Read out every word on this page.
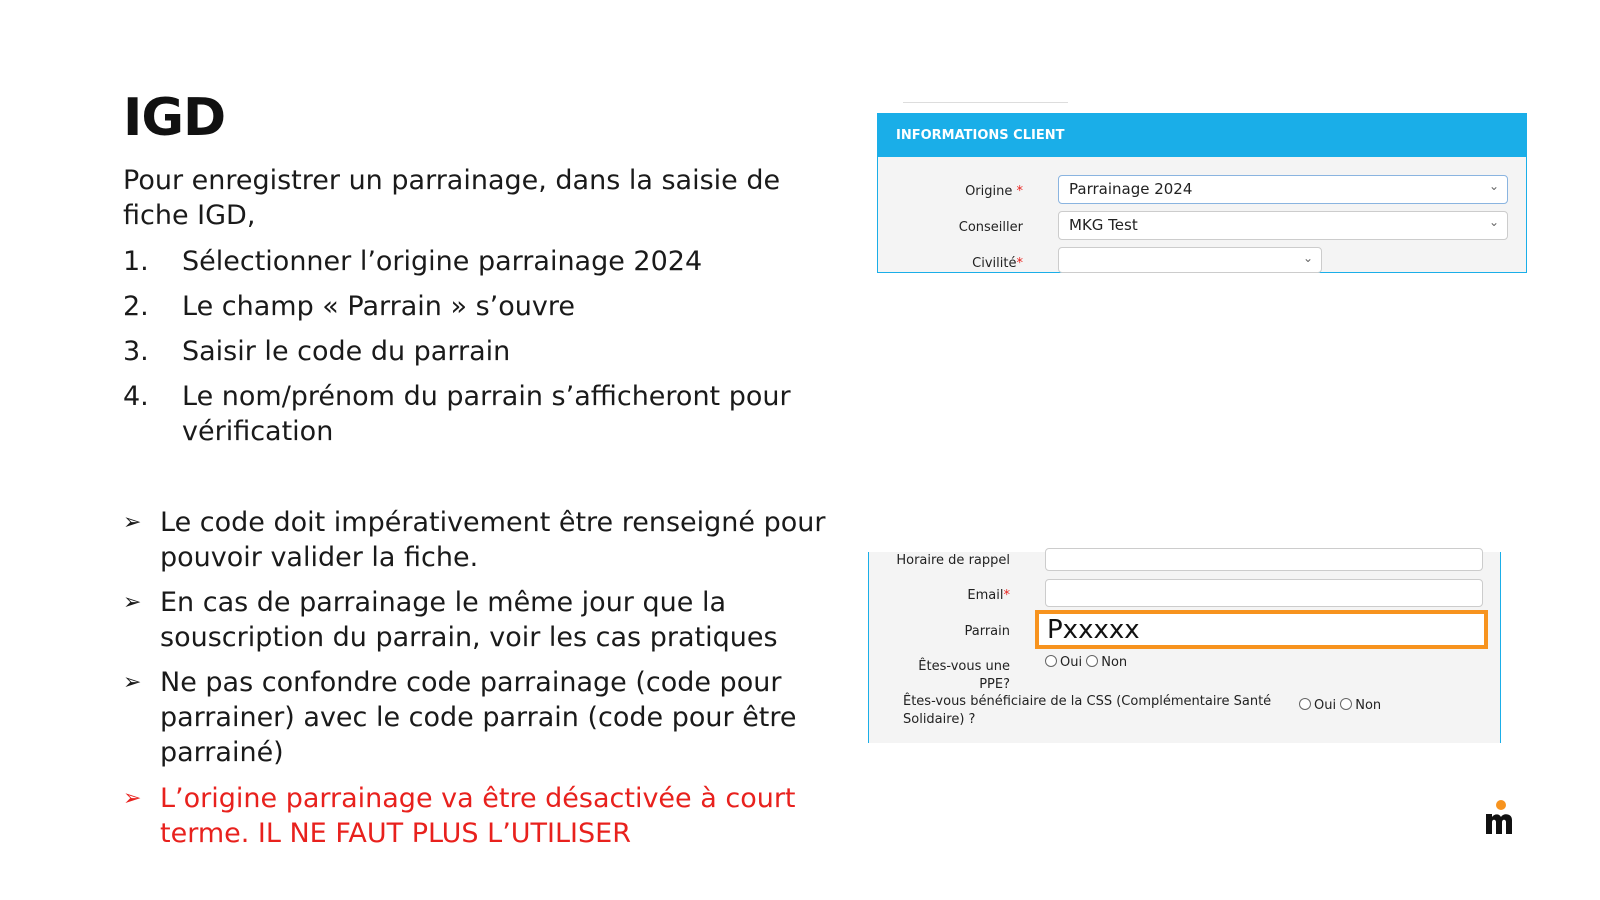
IGD
Pour enregistrer un parrainage, dans la saisie de fiche IGD,
1. Sélectionner l’origine parrainage 2024
2. Le champ « Parrain » s’ouvre
3. Saisir le code du parrain
4. Le nom/prénom du parrain s’afficheront pour vérification
➢ Le code doit impérativement être renseigné pour pouvoir valider la fiche.
➢ En cas de parrainage le même jour que la souscription du parrain, voir les cas pratiques
➢ Ne pas confondre code parrainage (code pour parrainer) avec le code parrain (code pour être parrainé)
➢ L’origine parrainage va être désactivée à court terme. IL NE FAUT PLUS L’UTILISER
INFORMATIONS CLIENT
Origine *	Parrainage 2024	⌄
Conseiller	MKG Test	⌄
Civilité*	⌄
Horaire de rappel
Email*
Parrain	Pxxxxx
Êtes-vous une PPE?
Oui Non
Êtes-vous bénéficiaire de la CSS (Complémentaire Santé Solidaire) ?
Oui Non
